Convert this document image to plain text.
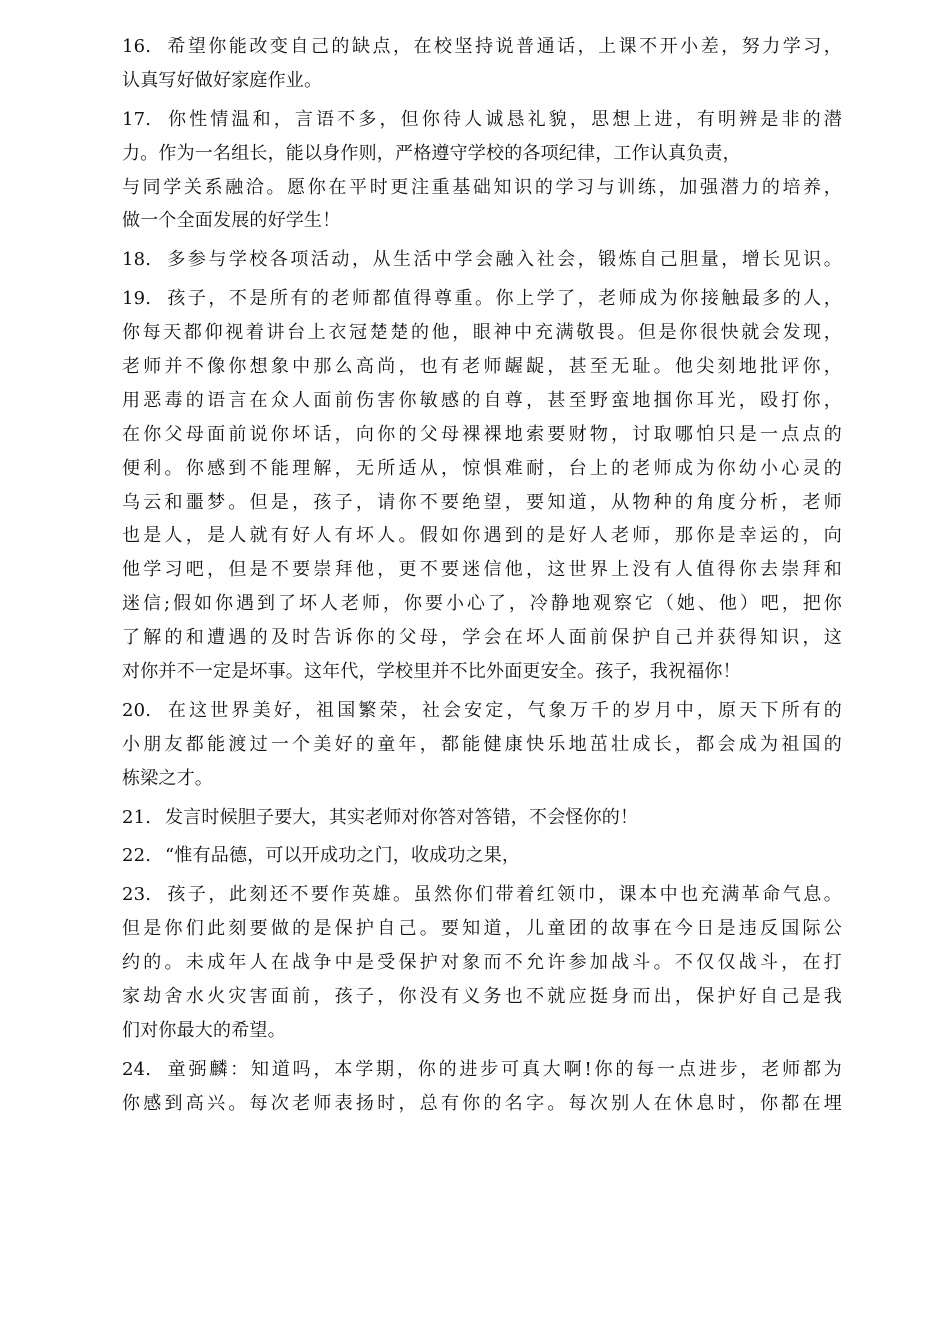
16. 希望你能改变自己的缺点，在校坚持说普通话，上课不开小差，努力学习，
认真写好做好家庭作业。
17. 你性情温和，言语不多，但你待人诚恳礼貌，思想上进，有明辨是非的潜
力。作为一名组长，能以身作则，严格遵守学校的各项纪律，工作认真负责，
与同学关系融洽。愿你在平时更注重基础知识的学习与训练，加强潜力的培养，
做一个全面发展的好学生！
18. 多参与学校各项活动，从生活中学会融入社会，锻炼自己胆量，增长见识。
19. 孩子，不是所有的老师都值得尊重。你上学了，老师成为你接触最多的人，
你每天都仰视着讲台上衣冠楚楚的他，眼神中充满敬畏。但是你很快就会发现，
老师并不像你想象中那么高尚，也有老师龌龊，甚至无耻。他尖刻地批评你，
用恶毒的语言在众人面前伤害你敏感的自尊，甚至野蛮地掴你耳光，殴打你，
在你父母面前说你坏话，向你的父母裸裸地索要财物，讨取哪怕只是一点点的
便利。你感到不能理解，无所适从，惊惧难耐，台上的老师成为你幼小心灵的
乌云和噩梦。但是，孩子，请你不要绝望，要知道，从物种的角度分析，老师
也是人，是人就有好人有坏人。假如你遇到的是好人老师，那你是幸运的，向
他学习吧，但是不要崇拜他，更不要迷信他，这世界上没有人值得你去崇拜和
迷信;假如你遇到了坏人老师，你要小心了，冷静地观察它（她、他）吧，把你
了解的和遭遇的及时告诉你的父母，学会在坏人面前保护自己并获得知识，这
对你并不一定是坏事。这年代，学校里并不比外面更安全。孩子，我祝福你！
20. 在这世界美好，祖国繁荣，社会安定，气象万千的岁月中，原天下所有的
小朋友都能渡过一个美好的童年，都能健康快乐地茁壮成长，都会成为祖国的
栋梁之才。
21. 发言时候胆子要大，其实老师对你答对答错，不会怪你的！
22. “惟有品德，可以开成功之门，收成功之果，
23. 孩子，此刻还不要作英雄。虽然你们带着红领巾，课本中也充满革命气息。
但是你们此刻要做的是保护自己。要知道，儿童团的故事在今日是违反国际公
约的。未成年人在战争中是受保护对象而不允许参加战斗。不仅仅战斗，在打
家劫舍水火灾害面前，孩子，你没有义务也不就应挺身而出，保护好自己是我
们对你最大的希望。
24. 童弼麟：知道吗，本学期，你的进步可真大啊!你的每一点进步，老师都为
你感到高兴。每次老师表扬时，总有你的名字。每次别人在休息时，你都在埋
